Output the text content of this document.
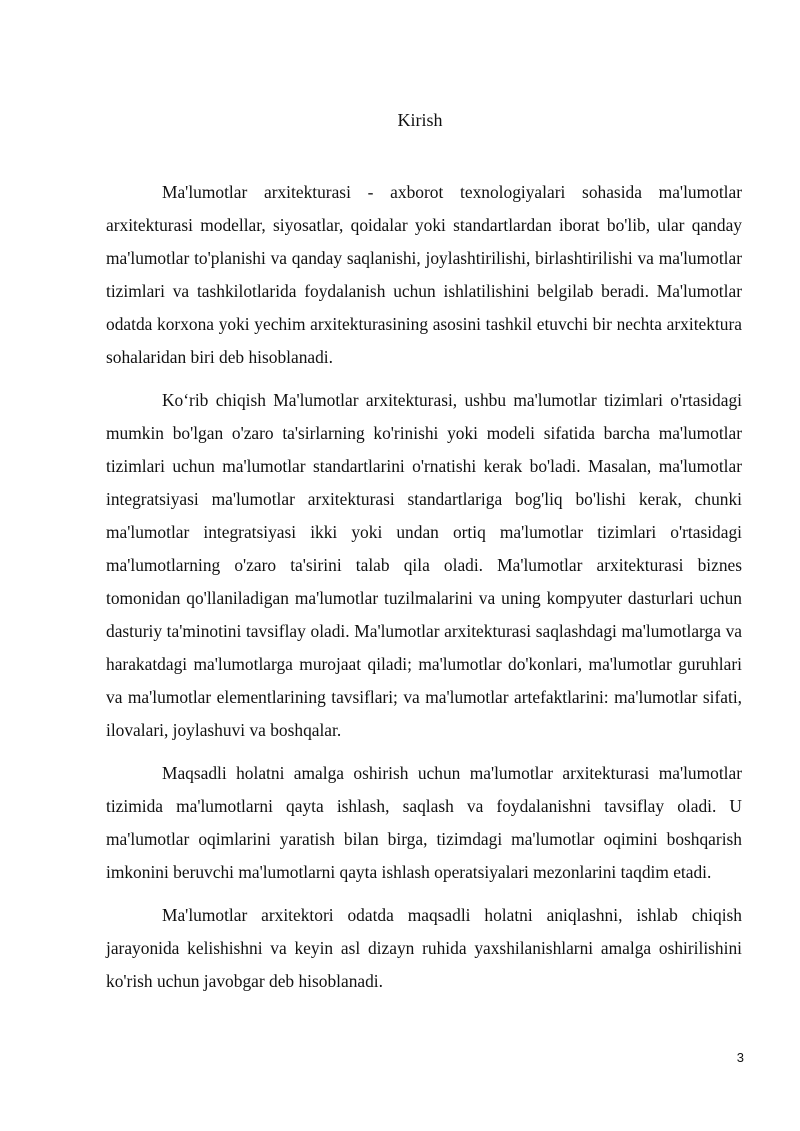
Kirish

Ma'lumotlar arxitekturasi - axborot texnologiyalari sohasida ma'lumotlar arxitekturasi modellar, siyosatlar, qoidalar yoki standartlardan iborat bo'lib, ular qanday ma'lumotlar to'planishi va qanday saqlanishi, joylashtirilishi, birlashtirilishi va ma'lumotlar tizimlari va tashkilotlarida foydalanish uchun ishlatilishini belgilab beradi. Ma'lumotlar odatda korxona yoki yechim arxitekturasining asosini tashkil etuvchi bir nechta arxitektura sohalaridan biri deb hisoblanadi.

Ko‘rib chiqish Ma'lumotlar arxitekturasi, ushbu ma'lumotlar tizimlari o'rtasidagi mumkin bo'lgan o'zaro ta'sirlarning ko'rinishi yoki modeli sifatida barcha ma'lumotlar tizimlari uchun ma'lumotlar standartlarini o'rnatishi kerak bo'ladi. Masalan, ma'lumotlar integratsiyasi ma'lumotlar arxitekturasi standartlariga bog'liq bo'lishi kerak, chunki ma'lumotlar integratsiyasi ikki yoki undan ortiq ma'lumotlar tizimlari o'rtasidagi ma'lumotlarning o'zaro ta'sirini talab qila oladi. Ma'lumotlar arxitekturasi biznes tomonidan qo'llaniladigan ma'lumotlar tuzilmalarini va uning kompyuter dasturlari uchun dasturiy ta'minotini tavsiflay oladi. Ma'lumotlar arxitekturasi saqlashdagi ma'lumotlarga va harakatdagi ma'lumotlarga murojaat qiladi; ma'lumotlar do'konlari, ma'lumotlar guruhlari va ma'lumotlar elementlarining tavsiflari; va ma'lumotlar artefaktlarini: ma'lumotlar sifati, ilovalari, joylashuvi va boshqalar.

Maqsadli holatni amalga oshirish uchun ma'lumotlar arxitekturasi ma'lumotlar tizimida ma'lumotlarni qayta ishlash, saqlash va foydalanishni tavsiflay oladi. U ma'lumotlar oqimlarini yaratish bilan birga, tizimdagi ma'lumotlar oqimini boshqarish imkonini beruvchi ma'lumotlarni qayta ishlash operatsiyalari mezonlarini taqdim etadi.

Ma'lumotlar arxitektori odatda maqsadli holatni aniqlashni, ishlab chiqish jarayonida kelishishni va keyin asl dizayn ruhida yaxshilanishlarni amalga oshirilishini ko'rish uchun javobgar deb hisoblanadi.

3
